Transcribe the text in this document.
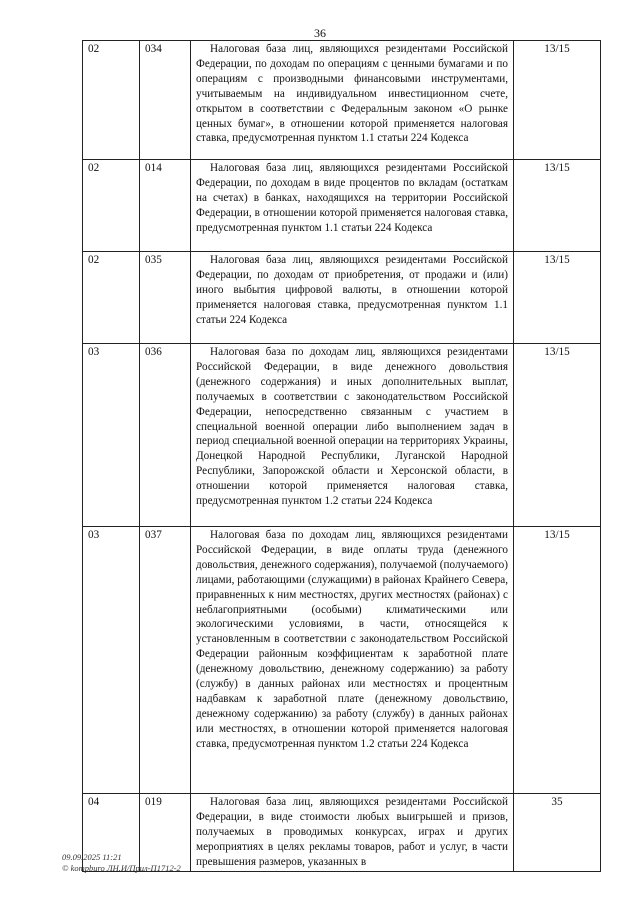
36
02	034	Налоговая база лиц, являющихся резидентами Российской Федерации, по доходам по операциям с ценными бумагами и по операциям с производными финансовыми инструментами, учитываемым на индивидуальном инвестиционном счете, открытом в соответствии с Федеральным законом «О рынке ценных бумаг», в отношении которой применяется налоговая ставка, предусмотренная пунктом 1.1 статьи 224 Кодекса	13/15
02	014	Налоговая база лиц, являющихся резидентами Российской Федерации, по доходам в виде процентов по вкладам (остаткам на счетах) в банках, находящихся на территории Российской Федерации, в отношении которой применяется налоговая ставка, предусмотренная пунктом 1.1 статьи 224 Кодекса	13/15
02	035	Налоговая база лиц, являющихся резидентами Российской Федерации, по доходам от приобретения, от продажи и (или) иного выбытия цифровой валюты, в отношении которой применяется налоговая ставка, предусмотренная пунктом 1.1 статьи 224 Кодекса	13/15
03	036	Налоговая база по доходам лиц, являющихся резидентами Российской Федерации, в виде денежного довольствия (денежного содержания) и иных дополнительных выплат, получаемых в соответствии с законодательством Российской Федерации, непосредственно связанным с участием в специальной военной операции либо выполнением задач в период специальной военной операции на территориях Украины, Донецкой Народной Республики, Луганской Народной Республики, Запорожской области и Херсонской области, в отношении которой применяется налоговая ставка, предусмотренная пунктом 1.2 статьи 224 Кодекса	13/15
03	037	Налоговая база по доходам лиц, являющихся резидентами Российской Федерации, в виде оплаты труда (денежного довольствия, денежного содержания), получаемой (получаемого) лицами, работающими (служащими) в районах Крайнего Севера, приравненных к ним местностях, других местностях (районах) с неблагоприятными (особыми) климатическими или экологическими условиями, в части, относящейся к установленным в соответствии с законодательством Российской Федерации районным коэффициентам к заработной плате (денежному довольствию, денежному содержанию) за работу (службу) в данных районах или местностях и процентным надбавкам к заработной плате (денежному довольствию, денежному содержанию) за работу (службу) в данных районах или местностях, в отношении которой применяется налоговая ставка, предусмотренная пунктом 1.2 статьи 224 Кодекса	13/15
04	019	Налоговая база лиц, являющихся резидентами Российской Федерации, в виде стоимости любых выигрышей и призов, получаемых в проводимых конкурсах, играх и других мероприятиях в целях рекламы товаров, работ и услуг, в части превышения размеров, указанных в	35
09.09.2025 11:21
© kompburo ЛН.И/Прил-П1712-2
